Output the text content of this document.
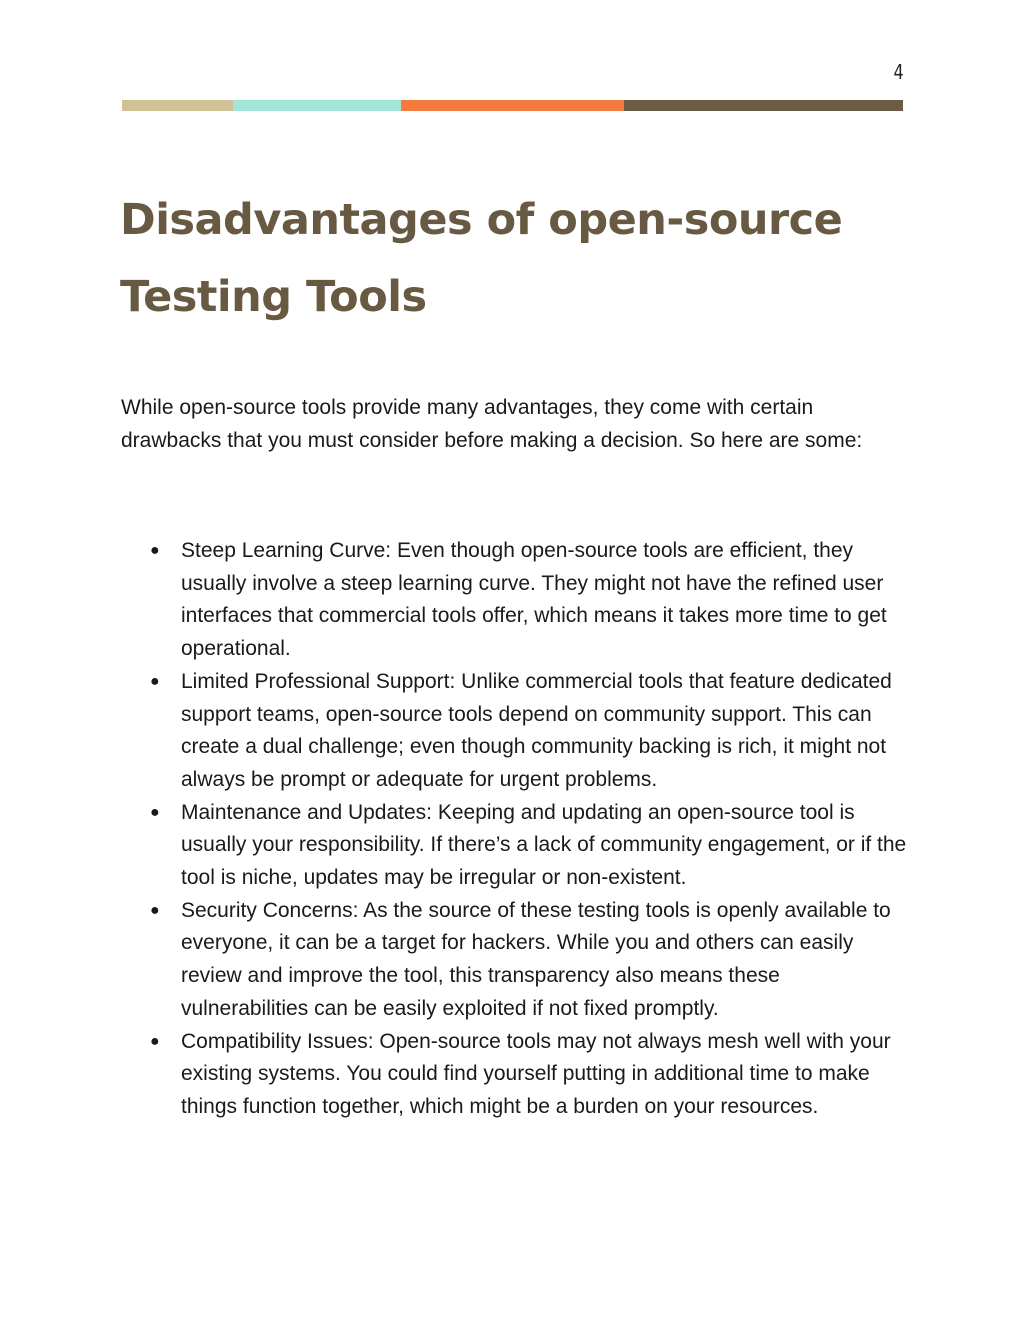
4
Disadvantages of open-source Testing Tools

While open-source tools provide many advantages, they come with certain drawbacks that you must consider before making a decision. So here are some:

● Steep Learning Curve: Even though open-source tools are efficient, they usually involve a steep learning curve. They might not have the refined user interfaces that commercial tools offer, which means it takes more time to get operational.
● Limited Professional Support: Unlike commercial tools that feature dedicated support teams, open-source tools depend on community support. This can create a dual challenge; even though community backing is rich, it might not always be prompt or adequate for urgent problems.
● Maintenance and Updates: Keeping and updating an open-source tool is usually your responsibility. If there’s a lack of community engagement, or if the tool is niche, updates may be irregular or non-existent.
● Security Concerns: As the source of these testing tools is openly available to everyone, it can be a target for hackers. While you and others can easily review and improve the tool, this transparency also means these vulnerabilities can be easily exploited if not fixed promptly.
● Compatibility Issues: Open-source tools may not always mesh well with your existing systems. You could find yourself putting in additional time to make things function together, which might be a burden on your resources.
